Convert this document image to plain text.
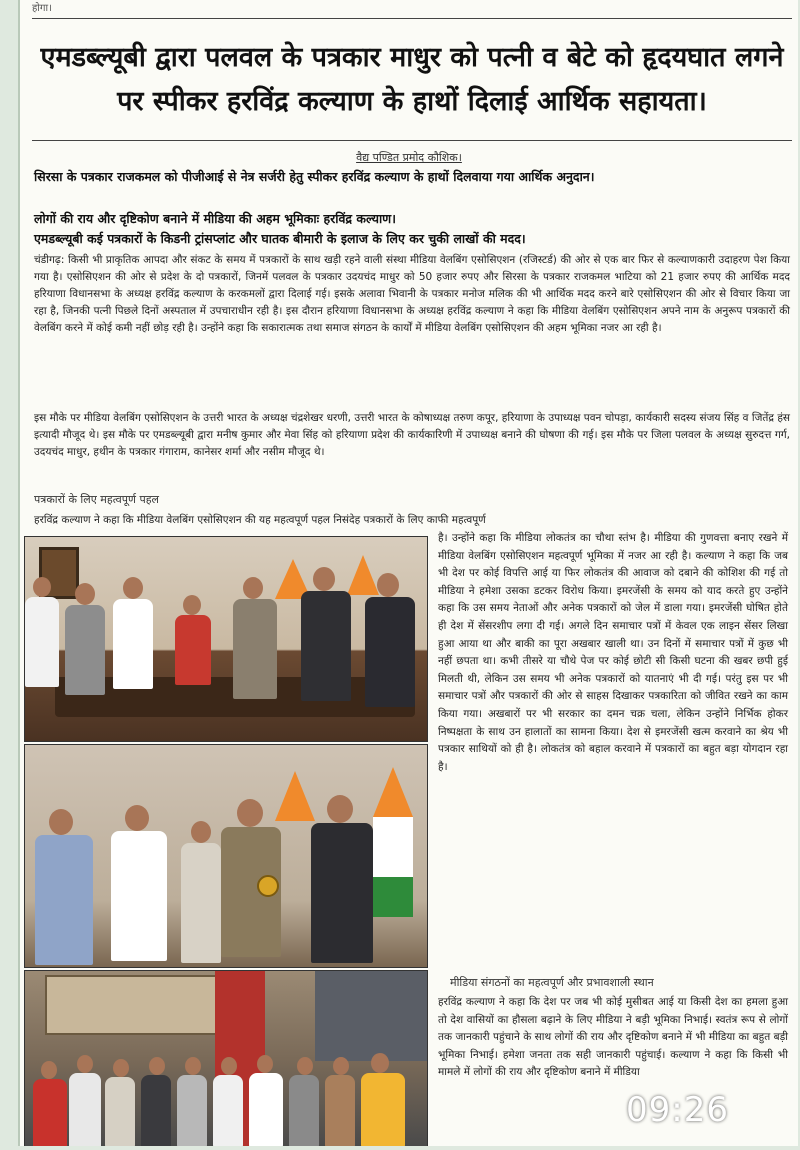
होगा।
एमडब्ल्यूबी द्वारा पलवल के पत्रकार माधुर को पत्नी व बेटे को हृदयघात लगने पर स्पीकर हरविंद्र कल्याण के हाथों दिलाई आर्थिक सहायता।
वैद्य पण्डित प्रमोद कौशिक।
सिरसा के पत्रकार राजकमल को पीजीआई से नेत्र सर्जरी हेतु स्पीकर हरविंद्र कल्याण के हाथों दिलवाया गया आर्थिक अनुदान।
लोगों की राय और दृष्टिकोण बनाने में मीडिया की अहम भूमिकाः हरविंद्र कल्याण।
एमडब्ल्यूबी कई पत्रकारों के किडनी ट्रांसप्लांट और घातक बीमारी के इलाज के लिए कर चुकी लाखों की मदद।
चंडीगढ़: किसी भी प्राकृतिक आपदा और संकट के समय में पत्रकारों के साथ खड़ी रहने वाली संस्था मीडिया वेलबिंग एसोसिएशन (रजिस्टर्ड) की ओर से एक बार फिर से कल्याणकारी उदाहरण पेश किया गया है। एसोसिएशन की ओर से प्रदेश के दो पत्रकारों, जिनमें पलवल के पत्रकार उदयचंद माधुर को 50 हजार रुपए और सिरसा के पत्रकार राजकमल भाटिया को 21 हजार रुपए की आर्थिक मदद हरियाणा विधानसभा के अध्यक्ष हरविंद्र कल्याण के करकमलों द्वारा दिलाई गई। इसके अलावा भिवानी के पत्रकार मनोज मलिक की भी आर्थिक मदद करने बारे एसोसिएशन की ओर से विचार किया जा रहा है, जिनकी पत्नी पिछले दिनों अस्पताल में उपचाराधीन रही है। इस दौरान हरियाणा विधानसभा के अध्यक्ष हरविंद्र कल्याण ने कहा कि मीडिया वेलबिंग एसोसिएशन अपने नाम के अनुरूप पत्रकारों की वेलबिंग करने में कोई कमी नहीं छोड़ रही है। उन्होंने कहा कि सकारात्मक तथा समाज संगठन के कार्यों में मीडिया वेलबिंग एसोसिएशन की अहम भूमिका नजर आ रही है।
इस मौके पर मीडिया वेलबिंग एसोसिएशन के उत्तरी भारत के अध्यक्ष चंद्रशेखर धरणी, उत्तरी भारत के कोषाध्यक्ष तरुण कपूर, हरियाणा के उपाध्यक्ष पवन चोपड़ा, कार्यकारी सदस्य संजय सिंह व जितेंद्र हंस इत्यादी मौजूद थे। इस मौके पर एमडब्ल्यूबी द्वारा मनीष कुमार और मेवा सिंह को हरियाणा प्रदेश की कार्यकारिणी में उपाध्यक्ष बनाने की घोषणा की गई। इस मौके पर जिला पलवल के अध्यक्ष सुरुदत्त गर्ग, उदयचंद माधुर, हथीन के पत्रकार गंगाराम, कानेसर शर्मा और नसीम मौजूद थे।
पत्रकारों के लिए महत्वपूर्ण पहल
हरविंद्र कल्याण ने कहा कि मीडिया वेलबिंग एसोसिएशन की यह महत्वपूर्ण पहल निसंदेह पत्रकारों के लिए काफी महत्वपूर्ण
है। उन्होंने कहा कि मीडिया लोकतंत्र का चौथा स्तंभ है। मीडिया की गुणवत्ता बनाए रखने में मीडिया वेलबिंग एसोसिएशन महत्वपूर्ण भूमिका में नजर आ रही है। कल्याण ने कहा कि जब भी देश पर कोई विपत्ति आई या फिर लोकतंत्र की आवाज को दबाने की कोशिश की गई तो मीडिया ने हमेशा उसका डटकर विरोध किया। इमरजेंसी के समय को याद करते हुए उन्होंने कहा कि उस समय नेताओं और अनेक पत्रकारों को जेल में डाला गया। इमरजेंसी घोषित होते ही देश में सेंसरशीप लगा दी गई। अगले दिन समाचार पत्रों में केवल एक लाइन सेंसर लिखा हुआ आया था और बाकी का पूरा अखबार खाली था। उन दिनों में समाचार पत्रों में कुछ भी नहीं छपता था। कभी तीसरे या चौथे पेज पर कोई छोटी सी किसी घटना की खबर छपी हुई मिलती थी, लेकिन उस समय भी अनेक पत्रकारों को यातनाएं भी दी गई। परंतु इस पर भी समाचार पत्रों और पत्रकारों की ओर से साहस दिखाकर पत्रकारिता को जीवित रखने का काम किया गया। अखबारों पर भी सरकार का दमन चक्र चला, लेकिन उन्होंने निर्भिक होकर निष्पक्षता के साथ उन हालातों का सामना किया। देश से इमरजेंसी खत्म करवाने का श्रेय भी पत्रकार साथियों को ही है। लोकतंत्र को बहाल करवाने में पत्रकारों का बहुत बड़ा योगदान रहा है।
मीडिया संगठनों का महत्वपूर्ण और प्रभावशाली स्थान
हरविंद्र कल्याण ने कहा कि देश पर जब भी कोई मुसीबत आई या किसी देश का हमला हुआ तो देश वासियों का हौसला बढ़ाने के लिए मीडिया ने बड़ी भूमिका निभाई। स्वतंत्र रूप से लोगों तक जानकारी पहुंचाने के साथ लोगों की राय और दृष्टिकोण बनाने में भी मीडिया का बहुत बड़ी भूमिका निभाई। हमेशा जनता तक सही जानकारी पहुंचाई। कल्याण ने कहा कि किसी भी मामले में लोगों की राय और दृष्टिकोण बनाने में मीडिया
09:26
